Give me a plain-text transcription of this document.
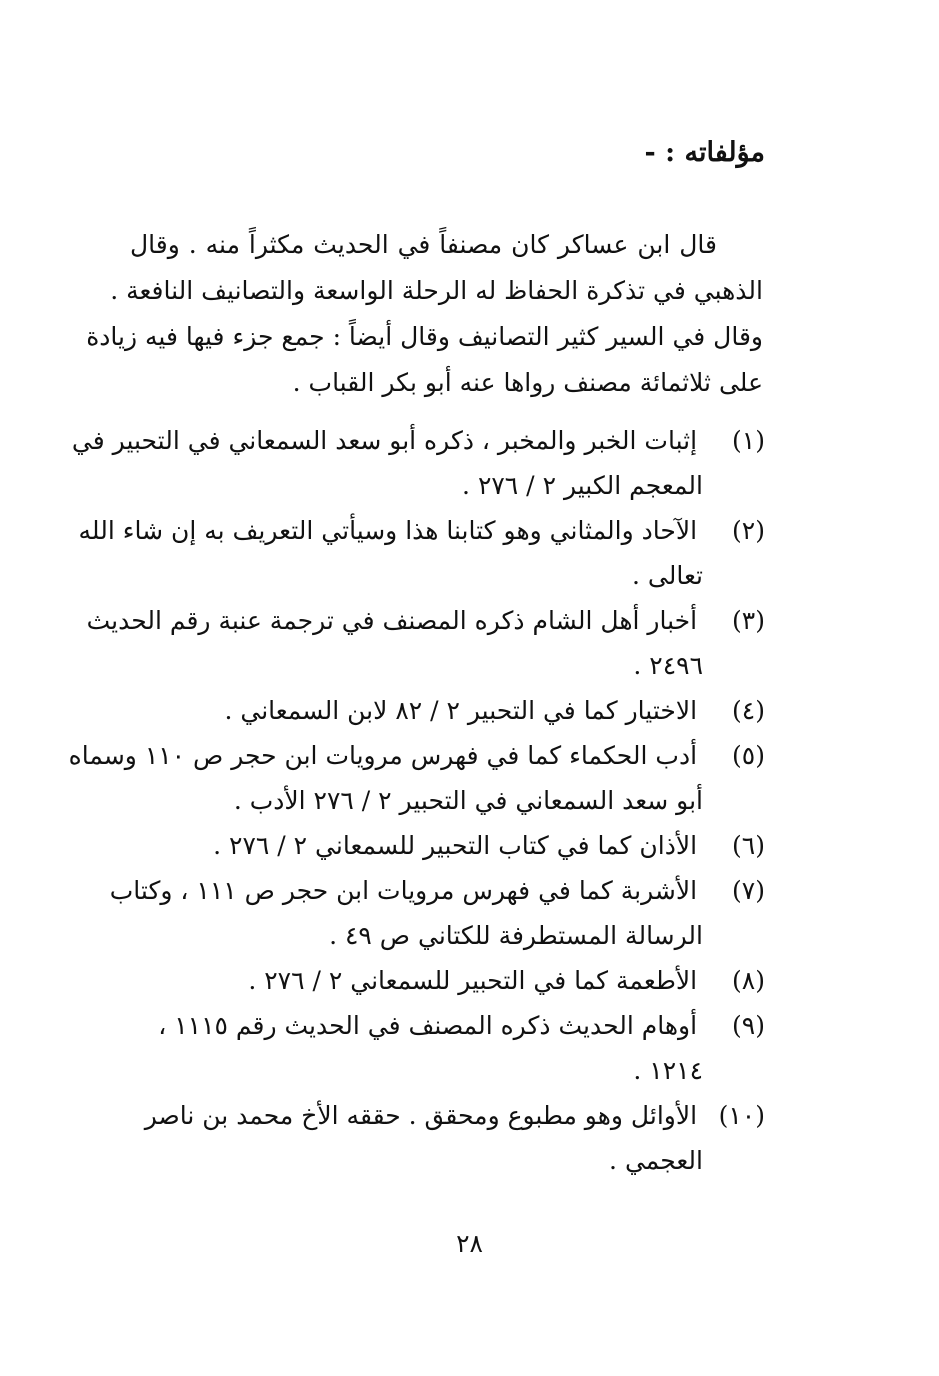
مؤلفاته : -
قال ابن عساكر كان مصنفاً في الحديث مكثراً منه . وقال
الذهبي في تذكرة الحفاظ له الرحلة الواسعة والتصانيف النافعة .
وقال في السير كثير التصانيف وقال أيضاً : جمع جزء فيها فيه زيادة
على ثلاثمائة مصنف رواها عنه أبو بكر القباب .
(١) إثبات الخبر والمخبر ، ذكره أبو سعد السمعاني في التحبير في
المعجم الكبير ٢ / ٢٧٦ .
(٢) الآحاد والمثاني وهو كتابنا هذا وسيأتي التعريف به إن شاء الله
تعالى .
(٣) أخبار أهل الشام ذكره المصنف في ترجمة عنبة رقم الحديث
٢٤٩٦ .
(٤) الاختيار كما في التحبير ٢ / ٨٢ لابن السمعاني .
(٥) أدب الحكماء كما في فهرس مرويات ابن حجر ص ١١٠ وسماه
أبو سعد السمعاني في التحبير ٢ / ٢٧٦ الأدب .
(٦) الأذان كما في كتاب التحبير للسمعاني ٢ / ٢٧٦ .
(٧) الأشربة كما في فهرس مرويات ابن حجر ص ١١١ ، وكتاب
الرسالة المستطرفة للكتاني ص ٤٩ .
(٨) الأطعمة كما في التحبير للسمعاني ٢ / ٢٧٦ .
(٩) أوهام الحديث ذكره المصنف في الحديث رقم ١١١٥ ،
١٢١٤ .
(١٠) الأوائل وهو مطبوع ومحقق . حققه الأخ محمد بن ناصر
العجمي .
٢٨
